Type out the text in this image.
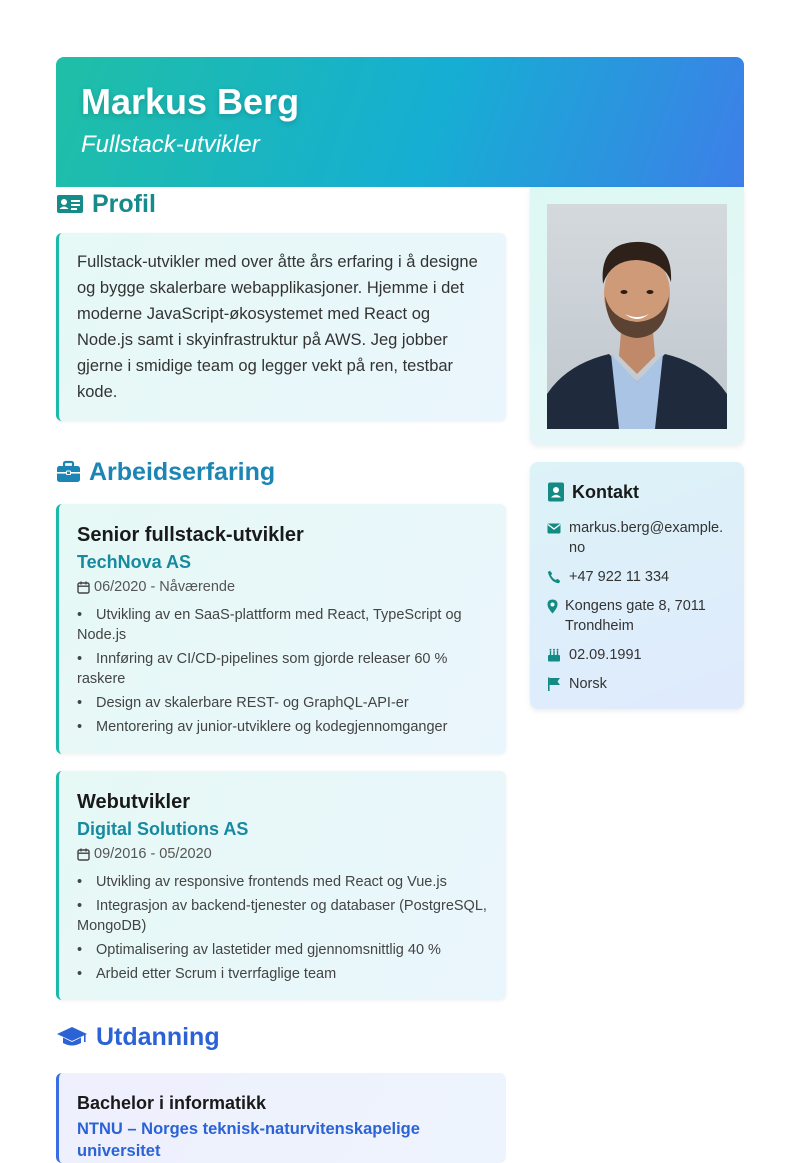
Markus Berg
Fullstack-utvikler
Profil

Fullstack-utvikler med over åtte års erfaring i å designe og bygge skalerbare webapplikasjoner. Hjemme i det moderne JavaScript-økosystemet med React og Node.js samt i skyinfrastruktur på AWS. Jeg jobber gjerne i smidige team og legger vekt på ren, testbar kode.

Arbeidserfaring
Senior fullstack-utvikler
TechNova AS
06/2020 - Nåværende
• Utvikling av en SaaS-plattform med React, TypeScript og Node.js
• Innføring av CI/CD-pipelines som gjorde releaser 60 % raskere
• Design av skalerbare REST- og GraphQL-API-er
• Mentorering av junior-utviklere og kodegjennomganger
Webutvikler
Digital Solutions AS
09/2016 - 05/2020
• Utvikling av responsive frontends med React og Vue.js
• Integrasjon av backend-tjenester og databaser (PostgreSQL, MongoDB)
• Optimalisering av lastetider med gjennomsnittlig 40 %
• Arbeid etter Scrum i tverrfaglige team
Utdanning
Bachelor i informatikk
NTNU – Norges teknisk-naturvitenskapelige universitet
Kontakt
markus.berg@example.no
+47 922 11 334
Kongens gate 8, 7011 Trondheim
02.09.1991
Norsk
